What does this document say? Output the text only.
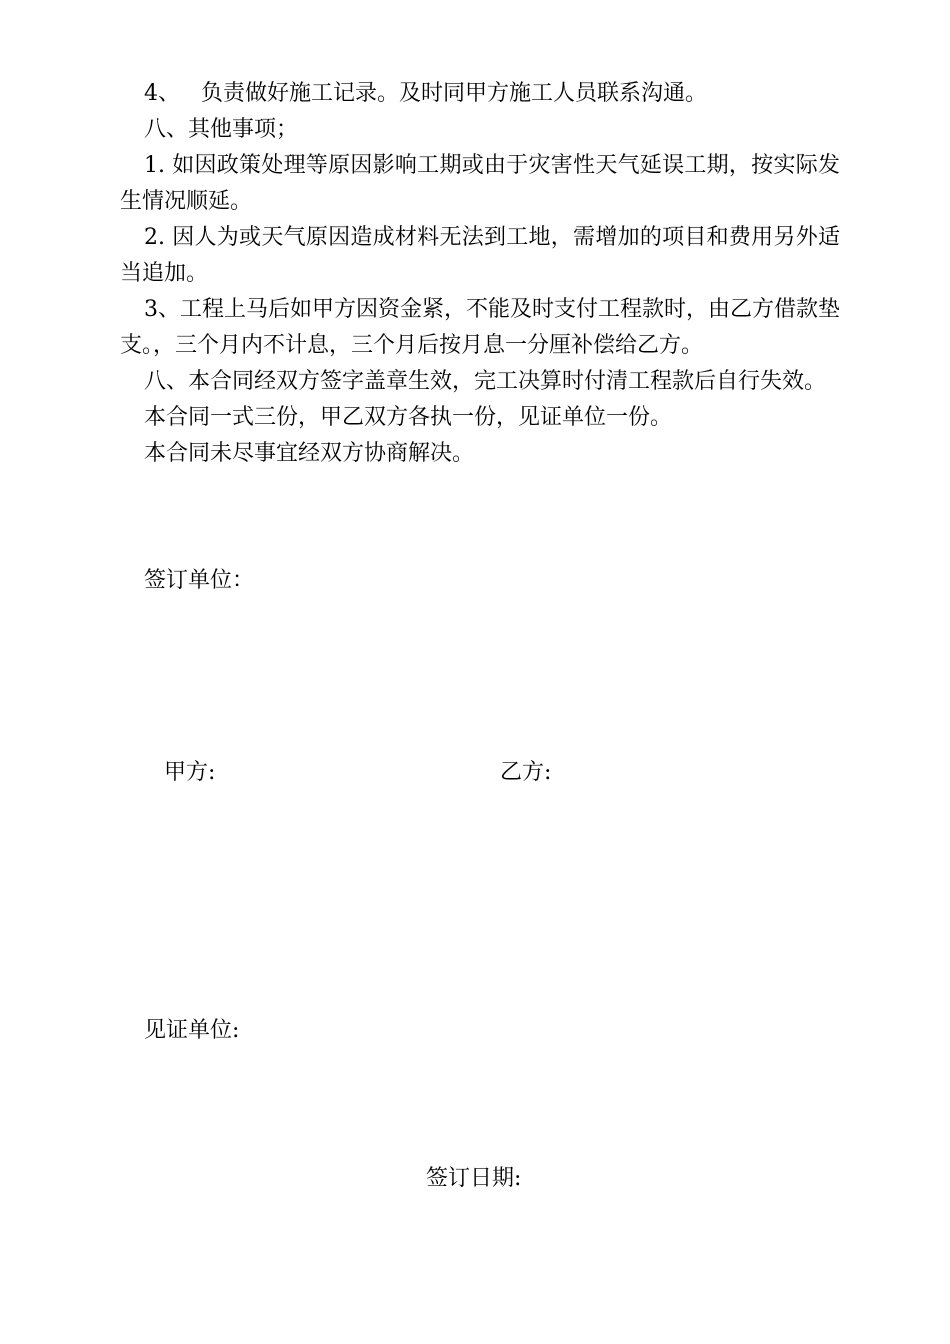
4、   负责做好施工记录。及时同甲方施工人员联系沟通。

八、其他事项；

1. 如因政策处理等原因影响工期或由于灾害性天气延误工期，按实际发生情况顺延。

2. 因人为或天气原因造成材料无法到工地，需增加的项目和费用另外适当追加。

3、工程上马后如甲方因资金紧，不能及时支付工程款时，由乙方借款垫支。，三个月内不计息，三个月后按月息一分厘补偿给乙方。

八、本合同经双方签字盖章生效，完工决算时付清工程款后自行失效。

本合同一式三份，甲乙双方各执一份，见证单位一份。

本合同未尽事宜经双方协商解决。

签订单位：
甲方:	乙方:
见证单位:
签订日期:
